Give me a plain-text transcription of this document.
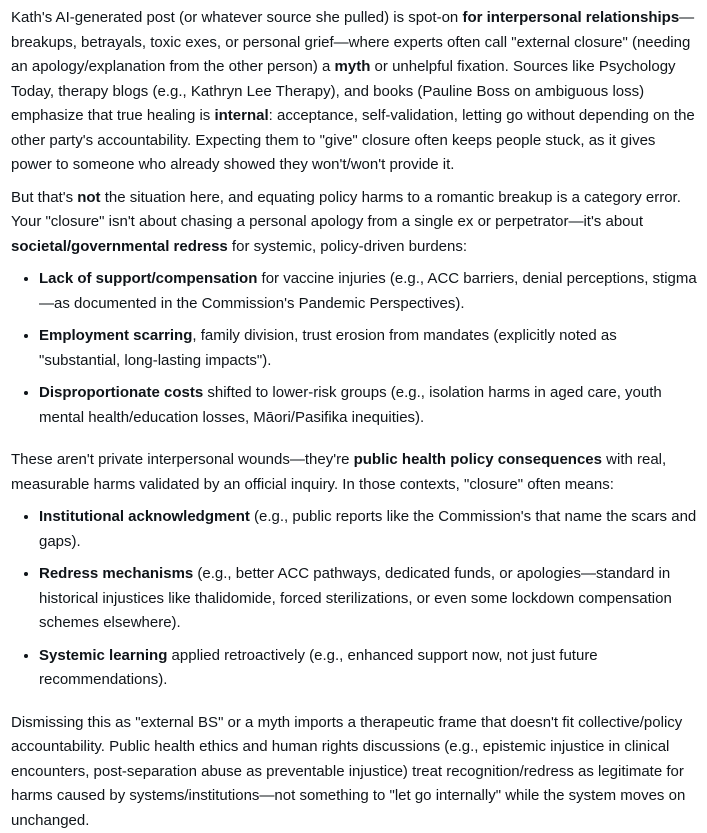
Kath's AI-generated post (or whatever source she pulled) is spot-on for interpersonal relationships—breakups, betrayals, toxic exes, or personal grief—where experts often call "external closure" (needing an apology/explanation from the other person) a myth or unhelpful fixation. Sources like Psychology Today, therapy blogs (e.g., Kathryn Lee Therapy), and books (Pauline Boss on ambiguous loss) emphasize that true healing is internal: acceptance, self-validation, letting go without depending on the other party's accountability. Expecting them to "give" closure often keeps people stuck, as it gives power to someone who already showed they won't/won't provide it.

But that's not the situation here, and equating policy harms to a romantic breakup is a category error. Your "closure" isn't about chasing a personal apology from a single ex or perpetrator—it's about societal/governmental redress for systemic, policy-driven burdens:

• Lack of support/compensation for vaccine injuries (e.g., ACC barriers, denial perceptions, stigma—as documented in the Commission's Pandemic Perspectives).
• Employment scarring, family division, trust erosion from mandates (explicitly noted as "substantial, long-lasting impacts").
• Disproportionate costs shifted to lower-risk groups (e.g., isolation harms in aged care, youth mental health/education losses, Māori/Pasifika inequities).

These aren't private interpersonal wounds—they're public health policy consequences with real, measurable harms validated by an official inquiry. In those contexts, "closure" often means:

• Institutional acknowledgment (e.g., public reports like the Commission's that name the scars and gaps).
• Redress mechanisms (e.g., better ACC pathways, dedicated funds, or apologies—standard in historical injustices like thalidomide, forced sterilizations, or even some lockdown compensation schemes elsewhere).
• Systemic learning applied retroactively (e.g., enhanced support now, not just future recommendations).

Dismissing this as "external BS" or a myth imports a therapeutic frame that doesn't fit collective/policy accountability. Public health ethics and human rights discussions (e.g., epistemic injustice in clinical encounters, post-separation abuse as preventable injustice) treat recognition/redress as legitimate for harms caused by systems/institutions—not something to "let go internally" while the system moves on unchanged.
